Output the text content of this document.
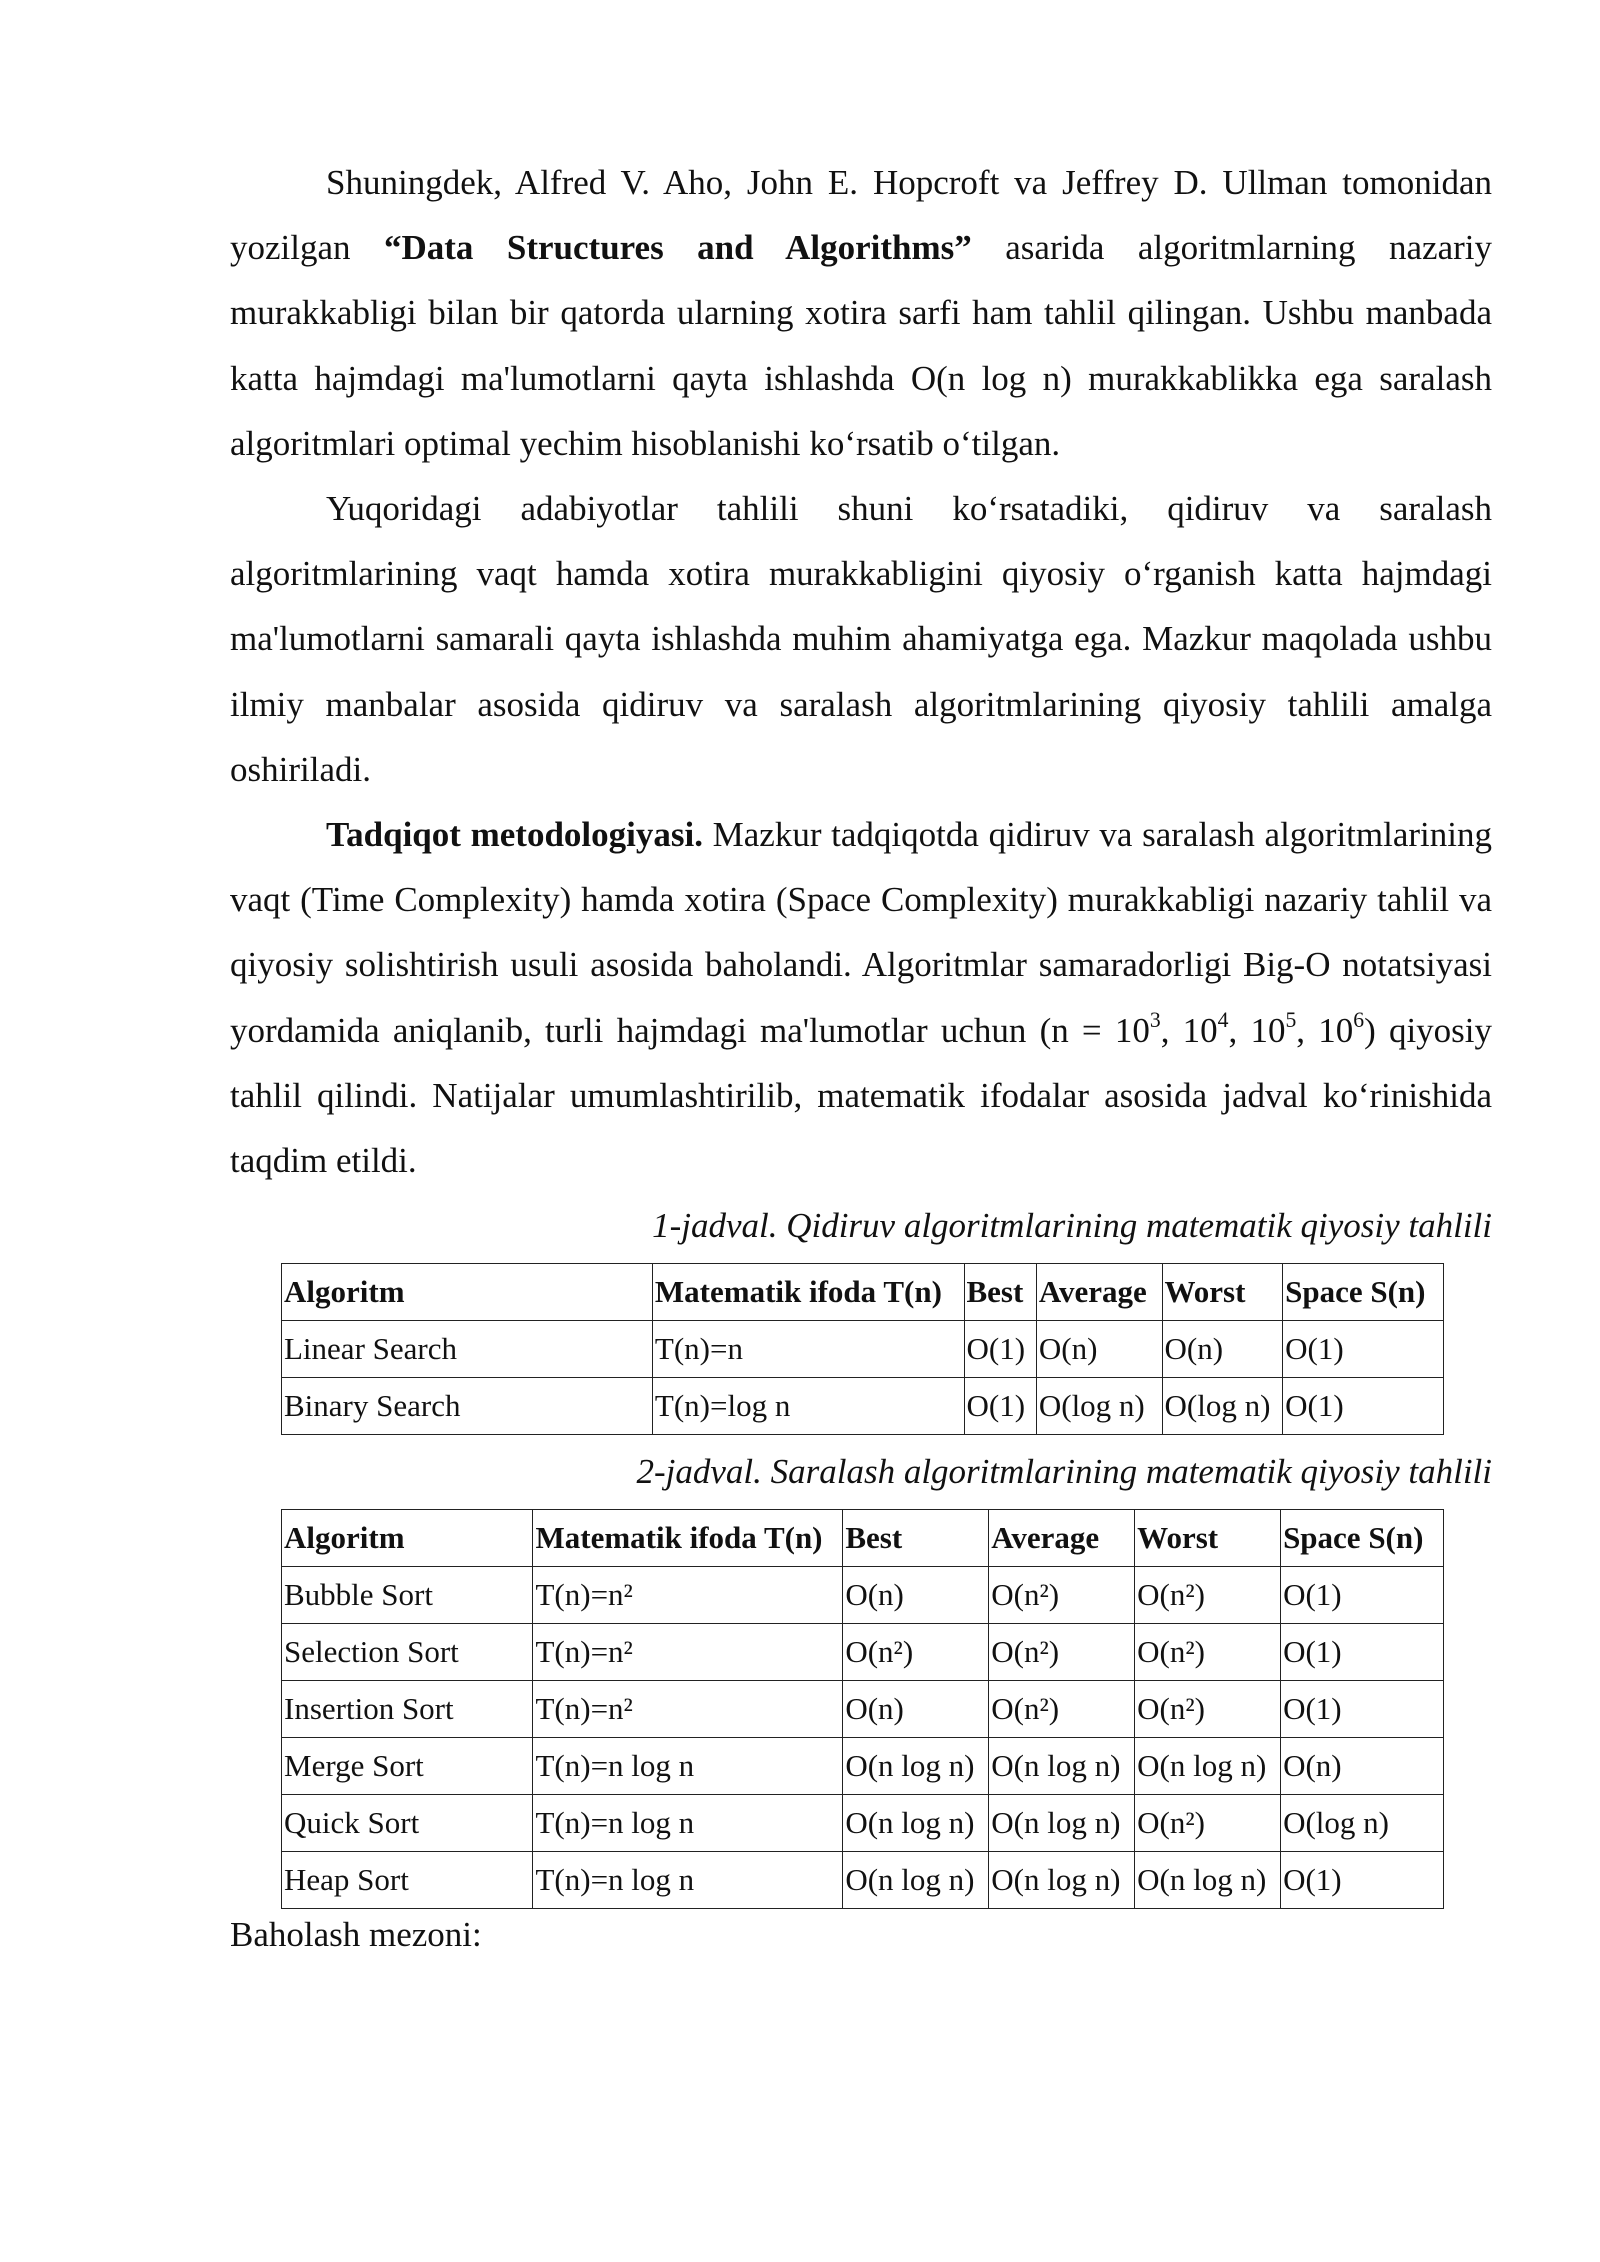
Shuningdek, Alfred V. Aho, John E. Hopcroft va Jeffrey D. Ullman tomonidan yozilgan “Data Structures and Algorithms” asarida algoritmlarning nazariy murakkabligi bilan bir qatorda ularning xotira sarfi ham tahlil qilingan. Ushbu manbada katta hajmdagi ma'lumotlarni qayta ishlashda O(n log n) murakkablikka ega saralash algoritmlari optimal yechim hisoblanishi ko‘rsatib o‘tilgan.

Yuqoridagi adabiyotlar tahlili shuni ko‘rsatadiki, qidiruv va saralash algoritmlarining vaqt hamda xotira murakkabligini qiyosiy o‘rganish katta hajmdagi ma'lumotlarni samarali qayta ishlashda muhim ahamiyatga ega. Mazkur maqolada ushbu ilmiy manbalar asosida qidiruv va saralash algoritmlarining qiyosiy tahlili amalga oshiriladi.

Tadqiqot metodologiyasi. Mazkur tadqiqotda qidiruv va saralash algoritmlarining vaqt (Time Complexity) hamda xotira (Space Complexity) murakkabligi nazariy tahlil va qiyosiy solishtirish usuli asosida baholandi. Algoritmlar samaradorligi Big-O notatsiyasi yordamida aniqlanib, turli hajmdagi ma'lumotlar uchun ($n = 10^3$, $10^4$, $10^5$, $10^6$) qiyosiy tahlil qilindi. Natijalar umumlashtirilib, matematik ifodalar asosida jadval ko‘rinishida taqdim etildi.

1-jadval. Qidiruv algoritmlarining matematik qiyosiy tahlili
Algoritm	Matematik ifoda T(n)	Best	Average	Worst	Space S(n)
Linear Search	T(n)=n	O(1)	O(n)	O(n)	O(1)
Binary Search	T(n)=log n	O(1)	O(log n)	O(log n)	O(1)
2-jadval. Saralash algoritmlarining matematik qiyosiy tahlili
Algoritm	Matematik ifoda T(n)	Best	Average	Worst	Space S(n)
Bubble Sort	T(n)=n²	O(n)	O(n²)	O(n²)	O(1)
Selection Sort	T(n)=n²	O(n²)	O(n²)	O(n²)	O(1)
Insertion Sort	T(n)=n²	O(n)	O(n²)	O(n²)	O(1)
Merge Sort	T(n)=n log n	O(n log n)	O(n log n)	O(n log n)	O(n)
Quick Sort	T(n)=n log n	O(n log n)	O(n log n)	O(n²)	O(log n)
Heap Sort	T(n)=n log n	O(n log n)	O(n log n)	O(n log n)	O(1)
Baholash mezoni:
